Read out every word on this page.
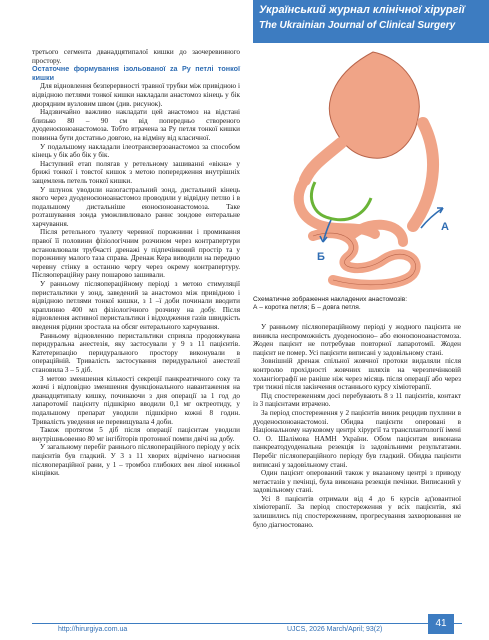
Український журнал клінічної хірургії
The Ukrainian Journal of Clinical Surgery

третього сегмента дванадцятипалої кишки до заочеревинного простору.

Остаточне формування ізольованої za Ру петлі тонкої кишки

Для відновлення безперервності травної трубки між привідною і відвідною петлями тонкої кишки накладали анастомоз кінець у бік дворядним вузловим швом (див. рисунок).

Надзвичайно важливо накладати цей анастомоз на відстані близько 80 – 90 см від попередньо створеного дуоденоєюноанастомоза. Тобто втрачена за Ру петля тонкої кишки повинна бути достатньо довгою, на відміну від класичної.

У подальшому накладали ілеотрансверзоанастомоз за способом кінець у бік або бік у бік.

Наступний етап полягав у ретельному зашиванні «вікна» у брижі тонкої і товстої кишок з метою попередження внутрішніх защемлень петель тонкої кишки.

У шлунок уводили назогастральний зонд, дистальний кінець якого через дуоденоєюноанастомоз проводили у відвідну петлю і в подальшому дистальніше еюноєюноанастомоза. Таке розташування зонда уможливлювало раннє зондове ентеральне харчування.

Після ретельного туалету черевної порожнини і промивання правої її половини фізіологічним розчином через контрапертури встановлювали трубчасті дренажі у підпечінковий простір та у порожнину малого таза справа. Дренаж Кера виводили на передню черевну стінку в останню чергу через окрему контрапертуру. Післяопераційну рану пошарово зашивали.

У ранньому післяопераційному періоді з метою стимуляції перистальтики у зонд, заведений за анастомоз між привідною і відвідною петлями тонкої кишки, з 1 –ї доби починали вводити краплинно 400 мл фізіологічного розчину на добу. Після відновлення активної перистальтики і відходження газів швидкість введення рідини зростала на обсяг ентерального харчування.

Ранньому відновленню перистальтики сприяла продовжувана перидуральна анестезія, яку застосували у 9 з 11 пацієнтів. Катетеризацію перидурального простору виконували в операційній. Тривалість застосування перидуральної анестезії становила 3 – 5 діб.

З метою зменшення кількості секреції панкреатичного соку та жовчі і відповідно зменшення функціонального навантаження на дванадцятипалу кишку, починаючи з дня операції за 1 год до лапаротомії пацієнту підшкірно вводили 0,1 мг октреотиду, у подальшому препарат уводили підшкірно кожні 8 годин. Тривалість уведення не перевищувала 4 доби.

Також протягом 5 діб після операції пацієнтам уводили внутрішньовенно 80 мг інгібіторів протонної помпи двічі на добу.

У загальному перебіг раннього післяопераційного періоду у всіх пацієнтів був гладкий. У 3 з 11 хворих відмічено нагноєння післяопераційної рани, у 1 – тромбоз глибоких вен лівої нижньої кінцівки.

Б
А
Схематичне зображення накладених анастомозів:
А – коротка петля; Б – довга петля.

У ранньому післяопераційному періоді у жодного пацієнта не виникла неспроможність дуоденоєюно– або еюноєюноанастомоза. Жоден пацієнт не потребував повторної лапаротомії. Жоден пацієнт не помер. Усі пацієнти виписані у задовільному стані.

Зовнішній дренаж спільної жовчної протоки видаляли після контролю прохідності жовчних шляхів на черезпечінковій холангіографії не раніше ніж через місяць після операції або через три тижні після закінчення останнього курсу хіміотерапії.

Під спостереженням досі перебувають 8 з 11 пацієнтів, контакт із 3 пацієнтами втрачено.

За період спостереження у 2 пацієнтів виник рецидив пухлини в дуоденоєюноанастомозі. Обидва пацієнти оперовані в Національному науковому центрі хірургії та трансплантології імені О. О. Шалімова НАМН України. Обом пацієнтам виконана панкреатодуоденальна резекція із задовільними результатами. Перебіг післяопераційного періоду був гладкий. Обидва пацієнти виписані у задовільному стані.

Один пацієнт оперований також у вказаному центрі з приводу метастазів у печінці, була виконана резекція печінки. Виписаний у задовільному стані.

Усі 8 пацієнтів отримали від 4 до 6 курсів ад'ювантної хіміотерапії. За період спостереження у всіх пацієнтів, які залишились під спостереженням, прогресування захворювання не було діагностовано.

http://hirurgiya.com.ua	UJCS, 2026 March/April; 93(2)
41
